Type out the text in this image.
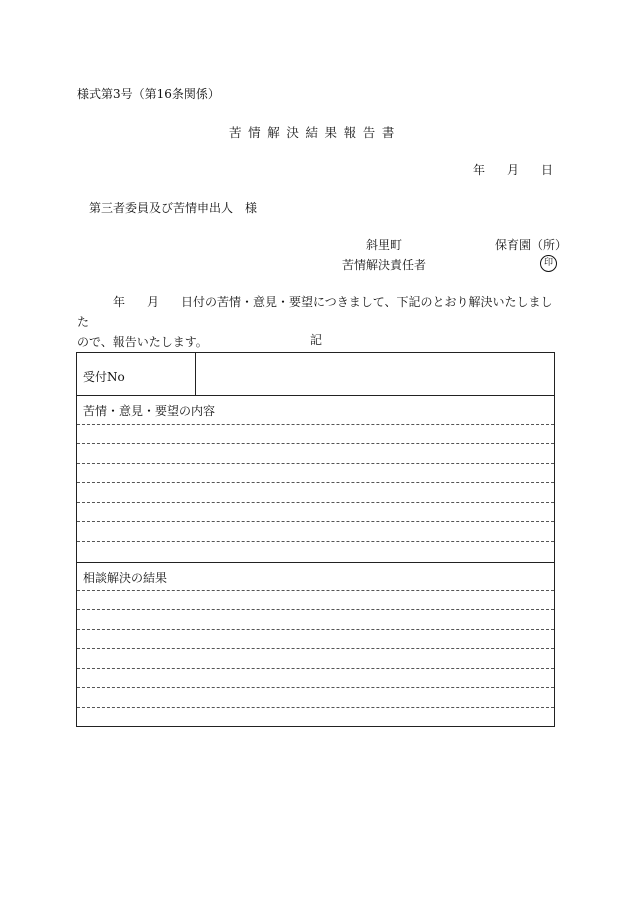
様式第3号（第16条関係）
苦情解決結果報告書
年 月 日
第三者委員及び苦情申出人　様
斜里町	保育園（所）
苦情解決責任者	印
年 月 日付の苦情・意見・要望につきまして、下記のとおり解決いたしました
ので、報告いたします。	記
受付No
苦情・意見・要望の内容
相談解決の結果
